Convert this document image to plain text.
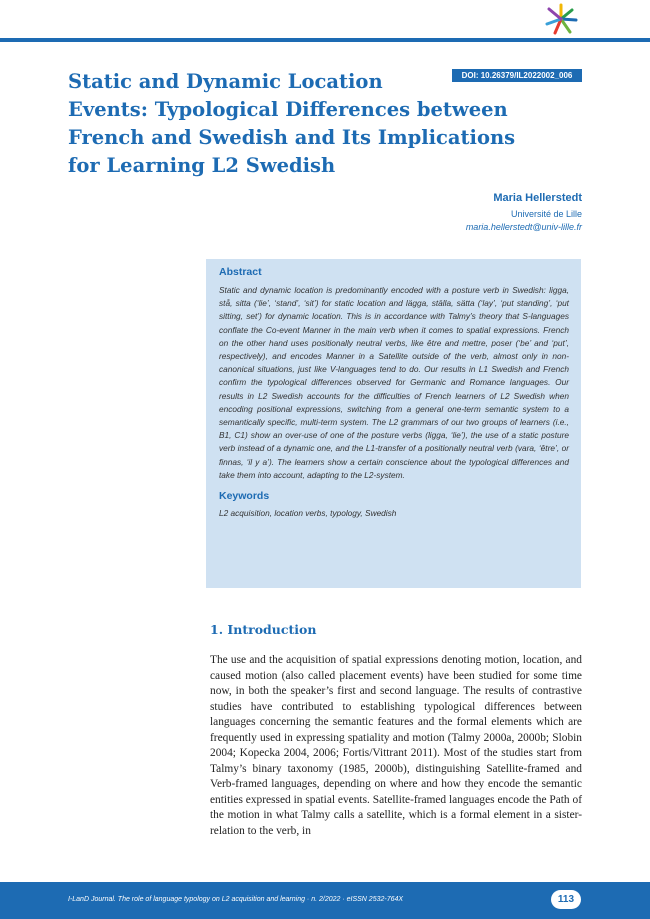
DOI: 10.26379/IL2022002_006
Static and Dynamic Location
Events: Typological Differences between
French and Swedish and Its Implications
for Learning L2 Swedish
Maria Hellerstedt
Université de Lille
maria.hellerstedt@univ-lille.fr
Abstract

Static and dynamic location is predominantly encoded with a posture verb in Swedish: ligga, stå, sitta (‘lie’, ‘stand’, ‘sit’) for static location and lägga, ställa, sätta (‘lay’, ‘put standing’, ‘put sitting, set’) for dynamic location. This is in accordance with Talmy’s theory that S-languages conflate the Co-event Manner in the main verb when it comes to spatial expressions. French on the other hand uses positionally neutral verbs, like être and mettre, poser (‘be’ and ‘put’, respectively), and encodes Manner in a Satellite outside of the verb, almost only in non-canonical situations, just like V-languages tend to do. Our results in L1 Swedish and French confirm the typological differences observed for Germanic and Romance languages. Our results in L2 Swedish accounts for the difficulties of French learners of L2 Swedish when encoding positional expressions, switching from a general one-term semantic system to a semantically specific, multi-term system. The L2 grammars of our two groups of learners (i.e., B1, C1) show an over-use of one of the posture verbs (ligga, ‘lie’), the use of a static posture verb instead of a dynamic one, and the L1-transfer of a positionally neutral verb (vara, ‘être’, or finnas, ‘il y a’). The learners show a certain conscience about the typological differences and take them into account, adapting to the L2-system.

Keywords

L2 acquisition, location verbs, typology, Swedish

1. Introduction

The use and the acquisition of spatial expressions denoting motion, location, and caused motion (also called placement events) have been studied for some time now, in both the speaker’s first and second language. The results of contrastive studies have contributed to establishing typological differences between languages concerning the semantic features and the formal elements which are frequently used in expressing spatiality and motion (Talmy 2000a, 2000b; Slobin 2004; Kopecka 2004, 2006; Fortis/Vittrant 2011). Most of the studies start from Talmy’s binary taxonomy (1985, 2000b), distinguishing Satellite-framed and Verb-framed languages, depending on where and how they encode the semantic entities expressed in spatial events. Satellite-framed languages encode the Path of the motion in what Talmy calls a satellite, which is a formal element in a sister-relation to the verb, in

I-LanD Journal. The role of language typology on L2 acquisition and learning · n. 2/2022 · eISSN 2532-764X	113
